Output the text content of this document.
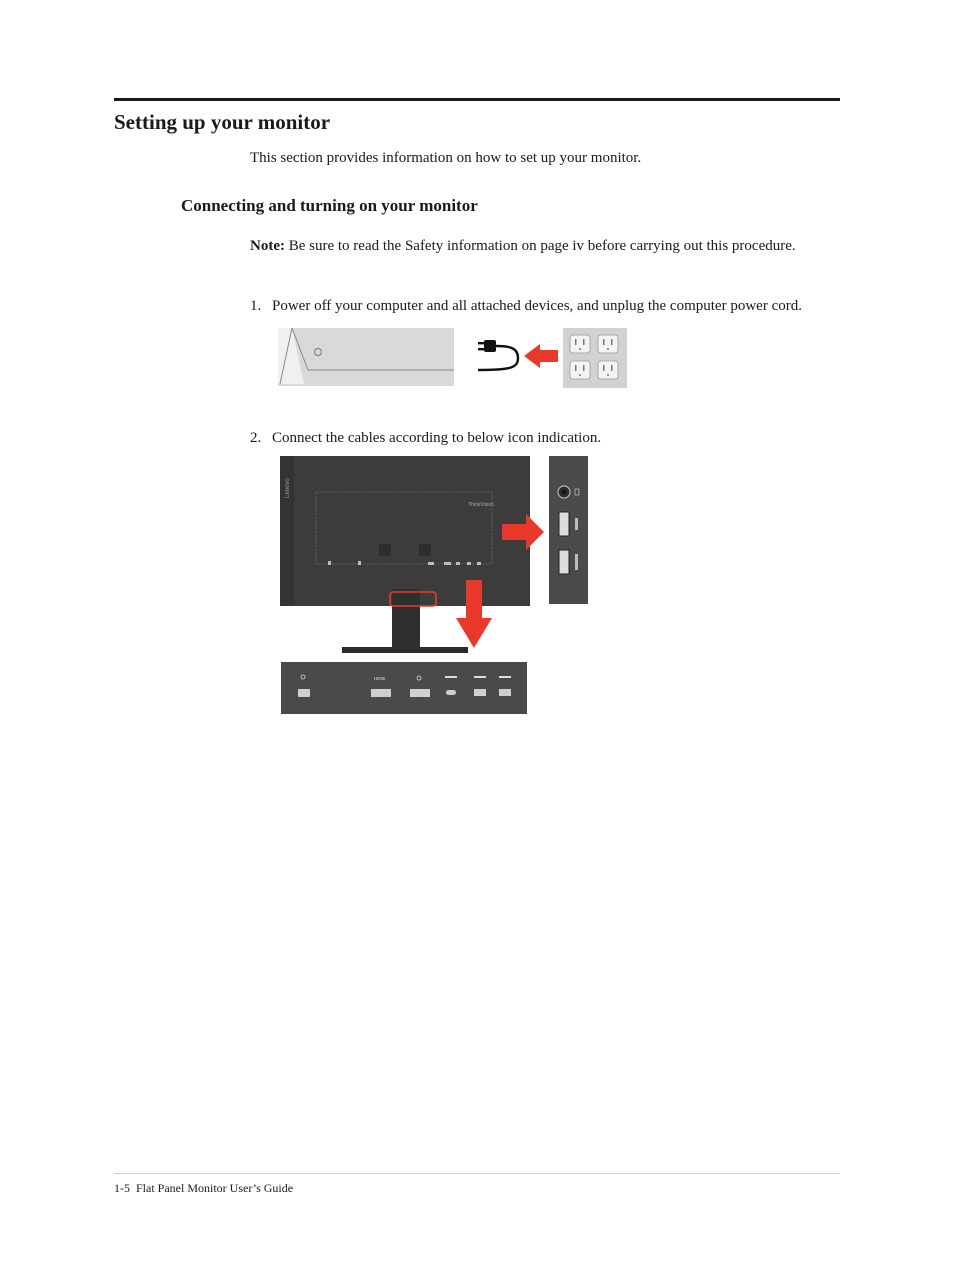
Setting up your monitor
This section provides information on how to set up your monitor.
Connecting and turning on your monitor
Note: Be sure to read the Safety information on page iv before carrying out this procedure.
1. Power off your computer and all attached devices, and unplug the computer power cord.
2. Connect the cables according to below icon indication.
Lenovo
ThinkVision
HDMI
1-5 Flat Panel Monitor User’s Guide
